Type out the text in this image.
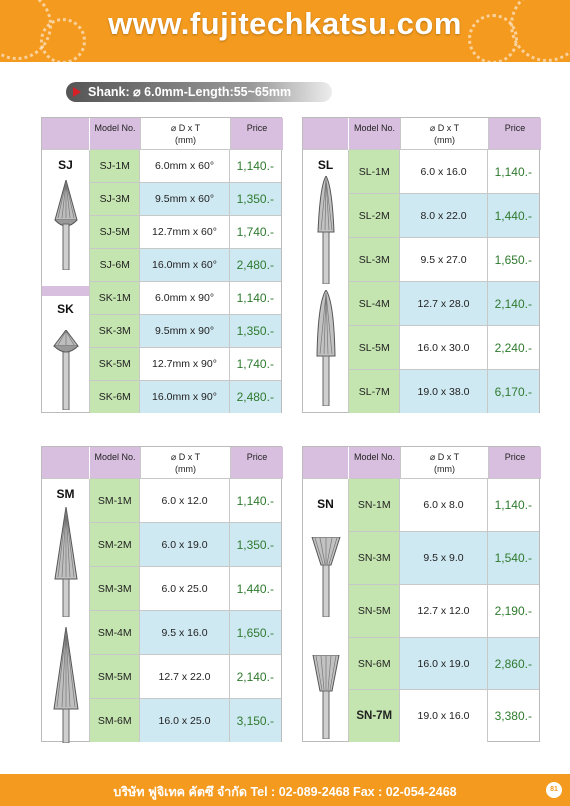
www.fujitechkatsu.com
Shank: ⌀ 6.0mm-Length:55~65mm
SJ
SK
Model No.	⌀ D x T
(mm)
Price
SJ-1M	6.0mm x 60°	1,140.-
SJ-3M	9.5mm x 60°	1,350.-
SJ-5M	12.7mm x 60°	1,740.-
SJ-6M	16.0mm x 60°	2,480.-
SK-1M	6.0mm x 90°	1,140.-
SK-3M	9.5mm x 90°	1,350.-
SK-5M	12.7mm x 90°	1,740.-
SK-6M	16.0mm x 90°	2,480.-
SL
Model No.	⌀ D x T
(mm)
Price
SL-1M	6.0 x 16.0	1,140.-
SL-2M	8.0 x 22.0	1,440.-
SL-3M	9.5 x 27.0	1,650.-
SL-4M	12.7 x 28.0	2,140.-
SL-5M	16.0 x 30.0	2,240.-
SL-7M	19.0 x 38.0	6,170.-
SM
Model No.	⌀ D x T
(mm)
Price
SM-1M	6.0 x 12.0	1,140.-
SM-2M	6.0 x 19.0	1,350.-
SM-3M	6.0 x 25.0	1,440.-
SM-4M	9.5 x 16.0	1,650.-
SM-5M	12.7 x 22.0	2,140.-
SM-6M	16.0 x 25.0	3,150.-
SN
Model No.	⌀ D x T
(mm)
Price
SN-1M	6.0 x 8.0	1,140.-
SN-3M	9.5 x 9.0	1,540.-
SN-5M	12.7 x 12.0	2,190.-
SN-6M	16.0 x 19.0	2,860.-
SN-7M	19.0 x 16.0	3,380.-
บริษัท ฟูจิเทค คัตซึ จำกัด Tel : 02-089-2468 Fax : 02-054-2468	81
